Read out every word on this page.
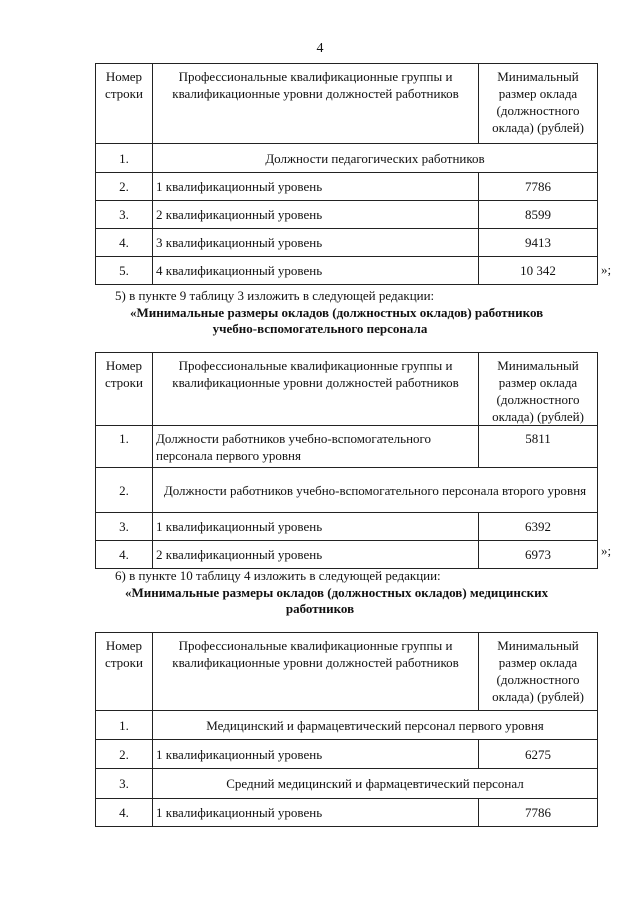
4
Номер строки	Профессиональные квалификационные группы и квалификационные уровни должностей работников	Минимальный размер оклада (должностного оклада) (рублей)
1.	Должности педагогических работников	
2.	1 квалификационный уровень	7786
3.	2 квалификационный уровень	8599
4.	3 квалификационный уровень	9413
5.	4 квалификационный уровень	10 342	»;
5) в пункте 9 таблицу 3 изложить в следующей редакции:
«Минимальные размеры окладов (должностных окладов) работников
учебно-вспомогательного персонала
Номер строки	Профессиональные квалификационные группы и квалификационные уровни должностей работников	Минимальный размер оклада (должностного оклада) (рублей)
1.	Должности работников учебно-вспомогательного персонала первого уровня	5811
2.	Должности работников учебно-вспомогательного персонала второго уровня	
3.	1 квалификационный уровень	6392
4.	2 квалификационный уровень	6973	»;
6) в пункте 10 таблицу 4 изложить в следующей редакции:
«Минимальные размеры окладов (должностных окладов) медицинских
работников
Номер строки	Профессиональные квалификационные группы и квалификационные уровни должностей работников	Минимальный размер оклада (должностного оклада) (рублей)
1.	Медицинский и фармацевтический персонал первого уровня	
2.	1 квалификационный уровень	6275
3.	Средний медицинский и фармацевтический персонал	
4.	1 квалификационный уровень	7786
